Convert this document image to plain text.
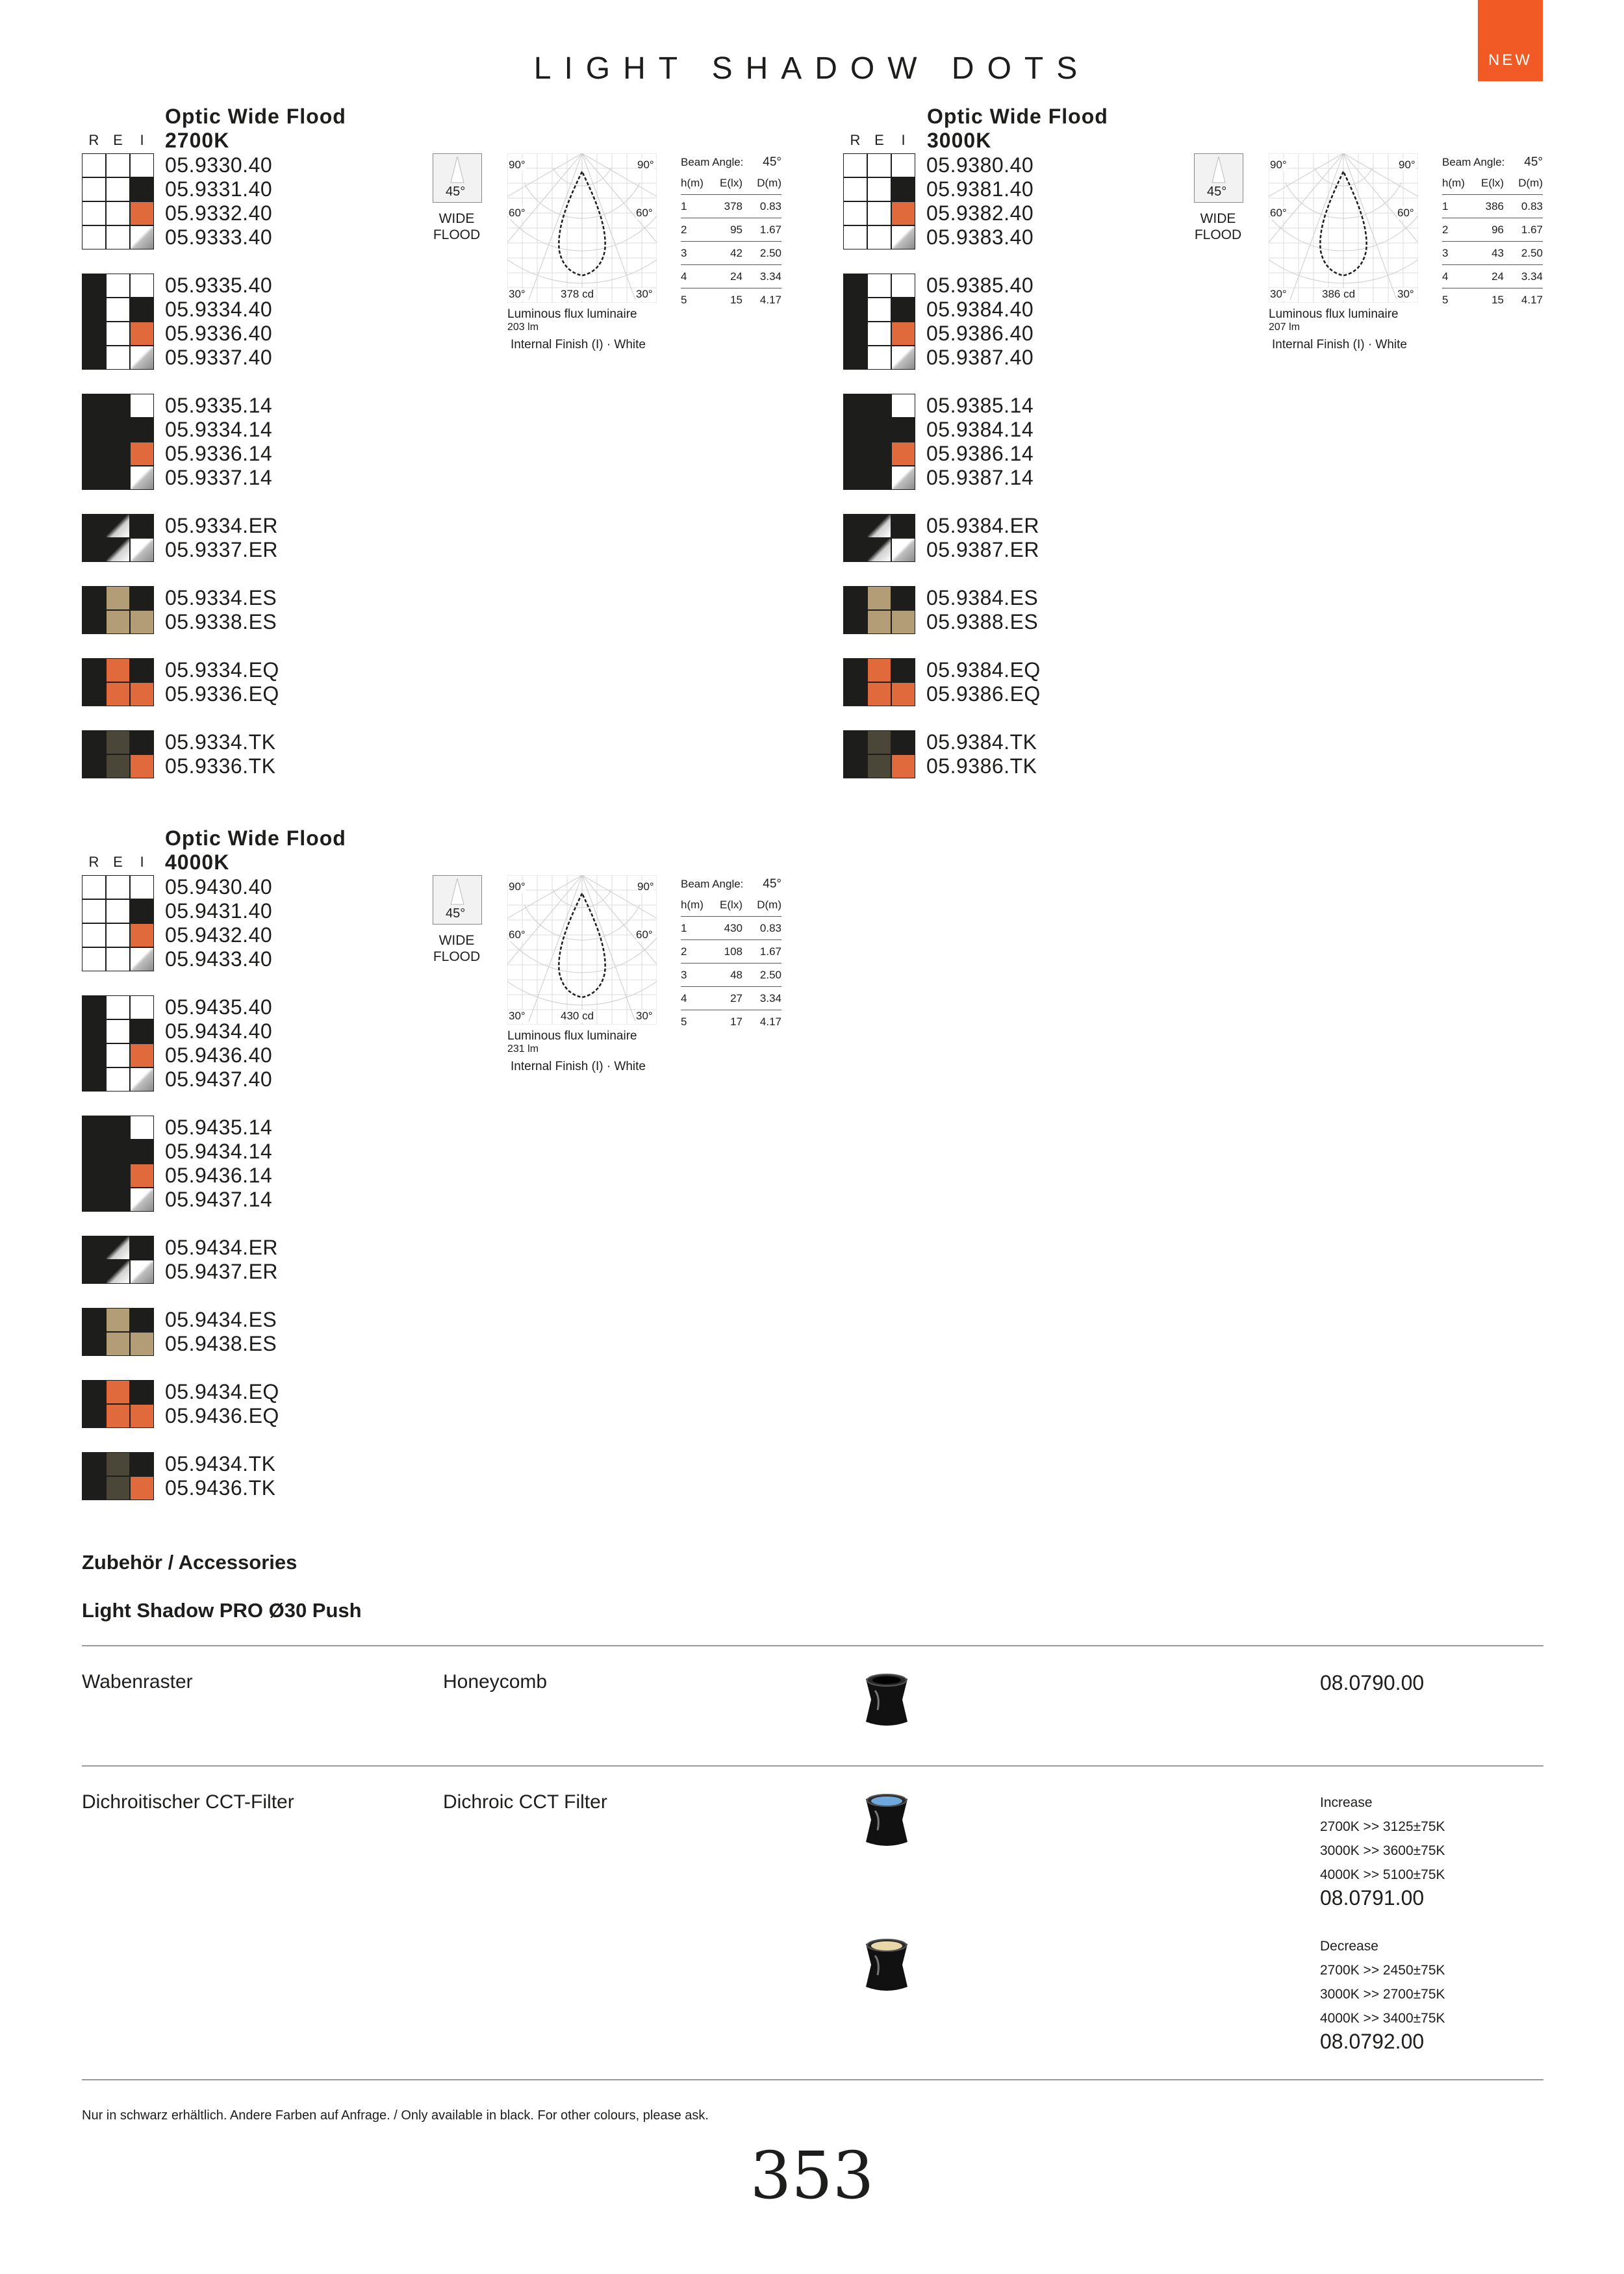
LIGHT SHADOW DOTS	NEW
R E I
Optic Wide Flood
2700K
05.9330.40
05.9331.40
05.9332.40
05.9333.40
05.9335.40
05.9334.40
05.9336.40
05.9337.40
05.9335.14
05.9334.14
05.9336.14
05.9337.14
05.9334.ER
05.9337.ER
05.9334.ES
05.9338.ES
05.9334.EQ
05.9336.EQ
05.9334.TK
05.9336.TK
R E I
Optic Wide Flood
3000K
05.9380.40
05.9381.40
05.9382.40
05.9383.40
05.9385.40
05.9384.40
05.9386.40
05.9387.40
05.9385.14
05.9384.14
05.9386.14
05.9387.14
05.9384.ER
05.9387.ER
05.9384.ES
05.9388.ES
05.9384.EQ
05.9386.EQ
05.9384.TK
05.9386.TK
R E I
Optic Wide Flood
4000K
05.9430.40
05.9431.40
05.9432.40
05.9433.40
05.9435.40
05.9434.40
05.9436.40
05.9437.40
05.9435.14
05.9434.14
05.9436.14
05.9437.14
05.9434.ER
05.9437.ER
05.9434.ES
05.9438.ES
05.9434.EQ
05.9436.EQ
05.9434.TK
05.9436.TK
Zubehör / Accessories
Light Shadow PRO Ø30 Push
Wabenraster	Honeycomb	08.0790.00
Dichroitischer CCT-Filter	Dichroic CCT Filter	Increase
2700K >> 3125±75K
3000K >> 3600±75K
4000K >> 5100±75K
08.0791.00
Decrease
2700K >> 2450±75K
3000K >> 2700±75K
4000K >> 3400±75K
08.0792.00
Nur in schwarz erhältlich. Andere Farben auf Anfrage. / Only available in black. For other colours, please ask.
353
45°
WIDE FLOOD
90°	90°
60°	60°
30°	30°
378 cd
Luminous flux luminaire
203 lm
Internal Finish (I) · White
Beam Angle:	45°
h(m)	E(lx)	D(m)
1	378	0.83
2	95	1.67
3	42	2.50
4	24	3.34
5	15	4.17
45°
WIDE FLOOD
90°	90°
60°	60°
30°	30°
386 cd
Luminous flux luminaire
207 lm
Internal Finish (I) · White
Beam Angle:	45°
h(m)	E(lx)	D(m)
1	386	0.83
2	96	1.67
3	43	2.50
4	24	3.34
5	15	4.17
45°
WIDE FLOOD
90°	90°
60°	60°
30°	30°
430 cd
Luminous flux luminaire
231 lm
Internal Finish (I) · White
Beam Angle:	45°
h(m)	E(lx)	D(m)
1	430	0.83
2	108	1.67
3	48	2.50
4	27	3.34
5	17	4.17
